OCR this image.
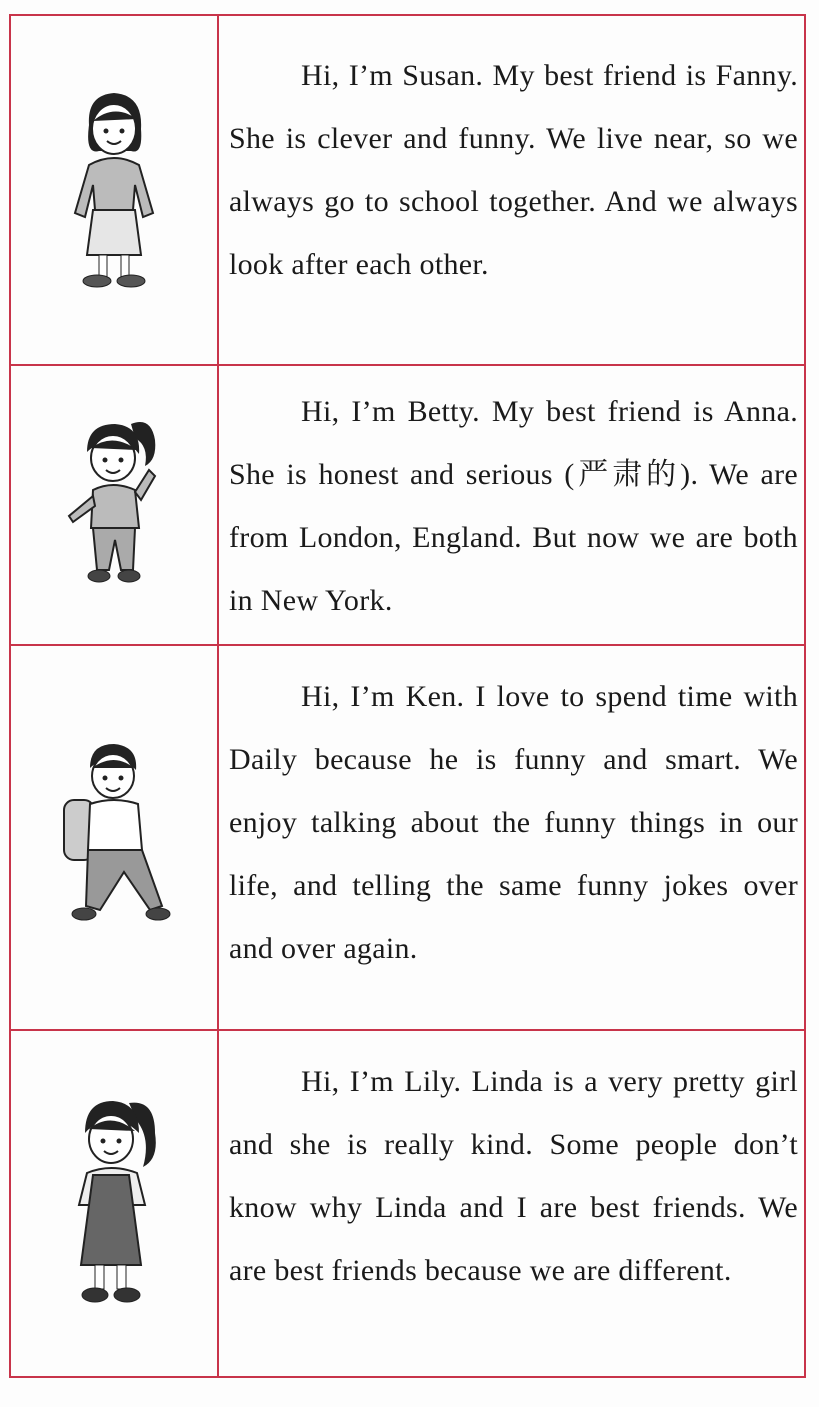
Hi, I’m Susan. My best friend is Fanny. She is clever and funny. We live near, so we always go to school together. And we always look after each other.

Hi, I’m Betty. My best friend is Anna. She is honest and serious (严肃的). We are from London, England. But now we are both in New York.

Hi, I’m Ken. I love to spend time with Daily because he is funny and smart. We enjoy talking about the funny things in our life, and telling the same funny jokes over and over again.

Hi, I’m Lily. Linda is a very pretty girl and she is really kind. Some people don’t know why Linda and I are best friends. We are best friends because we are different.
